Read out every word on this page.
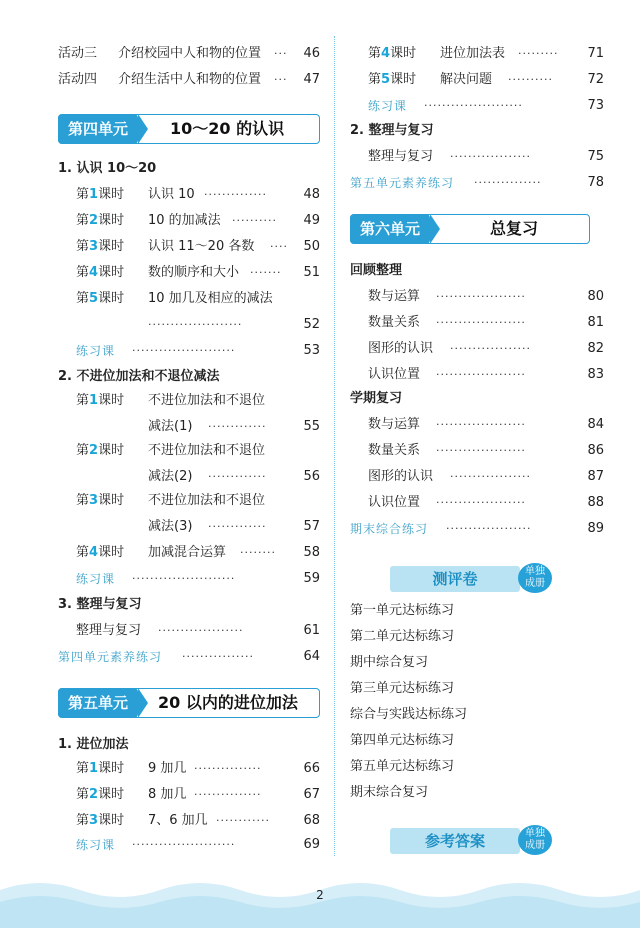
活动三 介绍校园中人和物的位置 ···	46
活动四 介绍生活中人和物的位置 ···	47
第四单元	10～20 的认识
1. 认识 10～20
第1课时 认识 10 ··············	48
第2课时 10 的加减法 ··········	49
第3课时 认识 11～20 各数 ····	50
第4课时 数的顺序和大小 ·······	51
第5课时 10 加几及相应的减法
·····················	52
练习课 ·······················	53
2. 不进位加法和不退位减法
第1课时 不进位加法和不退位
减法(1) ·············	55
第2课时 不进位加法和不退位
减法(2) ·············	56
第3课时 不进位加法和不退位
减法(3) ·············	57
第4课时 加减混合运算 ········	58
练习课 ·······················	59
3. 整理与复习
整理与复习 ···················	61
第四单元素养练习 ················	64
第五单元	20 以内的进位加法
1. 进位加法
第1课时 9 加几 ···············	66
第2课时 8 加几 ···············	67
第3课时 7、6 加几 ············	68
练习课 ·······················	69
第4课时 进位加法表 ·········	71
第5课时 解决问题 ··········	72
练习课 ······················	73
2. 整理与复习
整理与复习 ··················	75
第五单元素养练习 ···············	78
第六单元	总复习
回顾整理
数与运算 ····················	80
数量关系 ····················	81
图形的认识 ··················	82
认识位置 ····················	83
学期复习
数与运算 ····················	84
数量关系 ····················	86
图形的认识 ··················	87
认识位置 ····················	88
期末综合练习 ···················	89
测评卷	单独
成册
第一单元达标练习
第二单元达标练习
期中综合复习
第三单元达标练习
综合与实践达标练习
第四单元达标练习
第五单元达标练习
期末综合复习
参考答案	单独
成册
2
